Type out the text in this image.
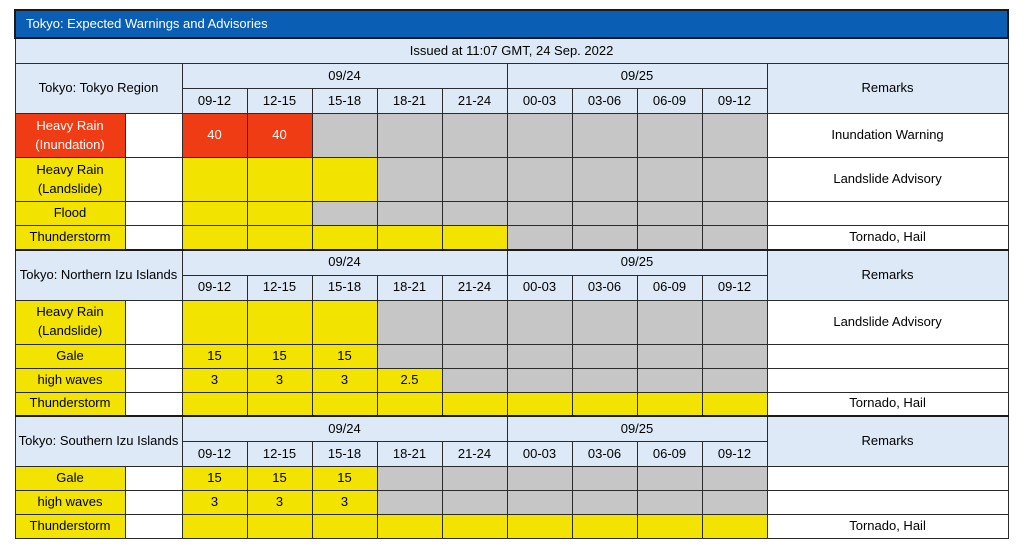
Tokyo: Expected Warnings and Advisories											
Issued at 11:07 GMT, 24 Sep. 2022											
Tokyo: Tokyo Region		09/24					09/25				Remarks
		09-12	12-15	15-18	18-21	21-24	00-03	03-06	06-09	09-12	
Heavy Rain
(Inundation)		40	40								Inundation Warning
Heavy Rain
(Landslide)											Landslide Advisory
Flood											
Thunderstorm											Tornado, Hail
Tokyo: Northern Izu Islands		09/24					09/25				Remarks
		09-12	12-15	15-18	18-21	21-24	00-03	03-06	06-09	09-12	
Heavy Rain
(Landslide)											Landslide Advisory
Gale		15	15	15							
high waves		3	3	3	2.5						
Thunderstorm											Tornado, Hail
Tokyo: Southern Izu Islands		09/24					09/25				Remarks
		09-12	12-15	15-18	18-21	21-24	00-03	03-06	06-09	09-12	
Gale		15	15	15							
high waves		3	3	3							
Thunderstorm											Tornado, Hail
